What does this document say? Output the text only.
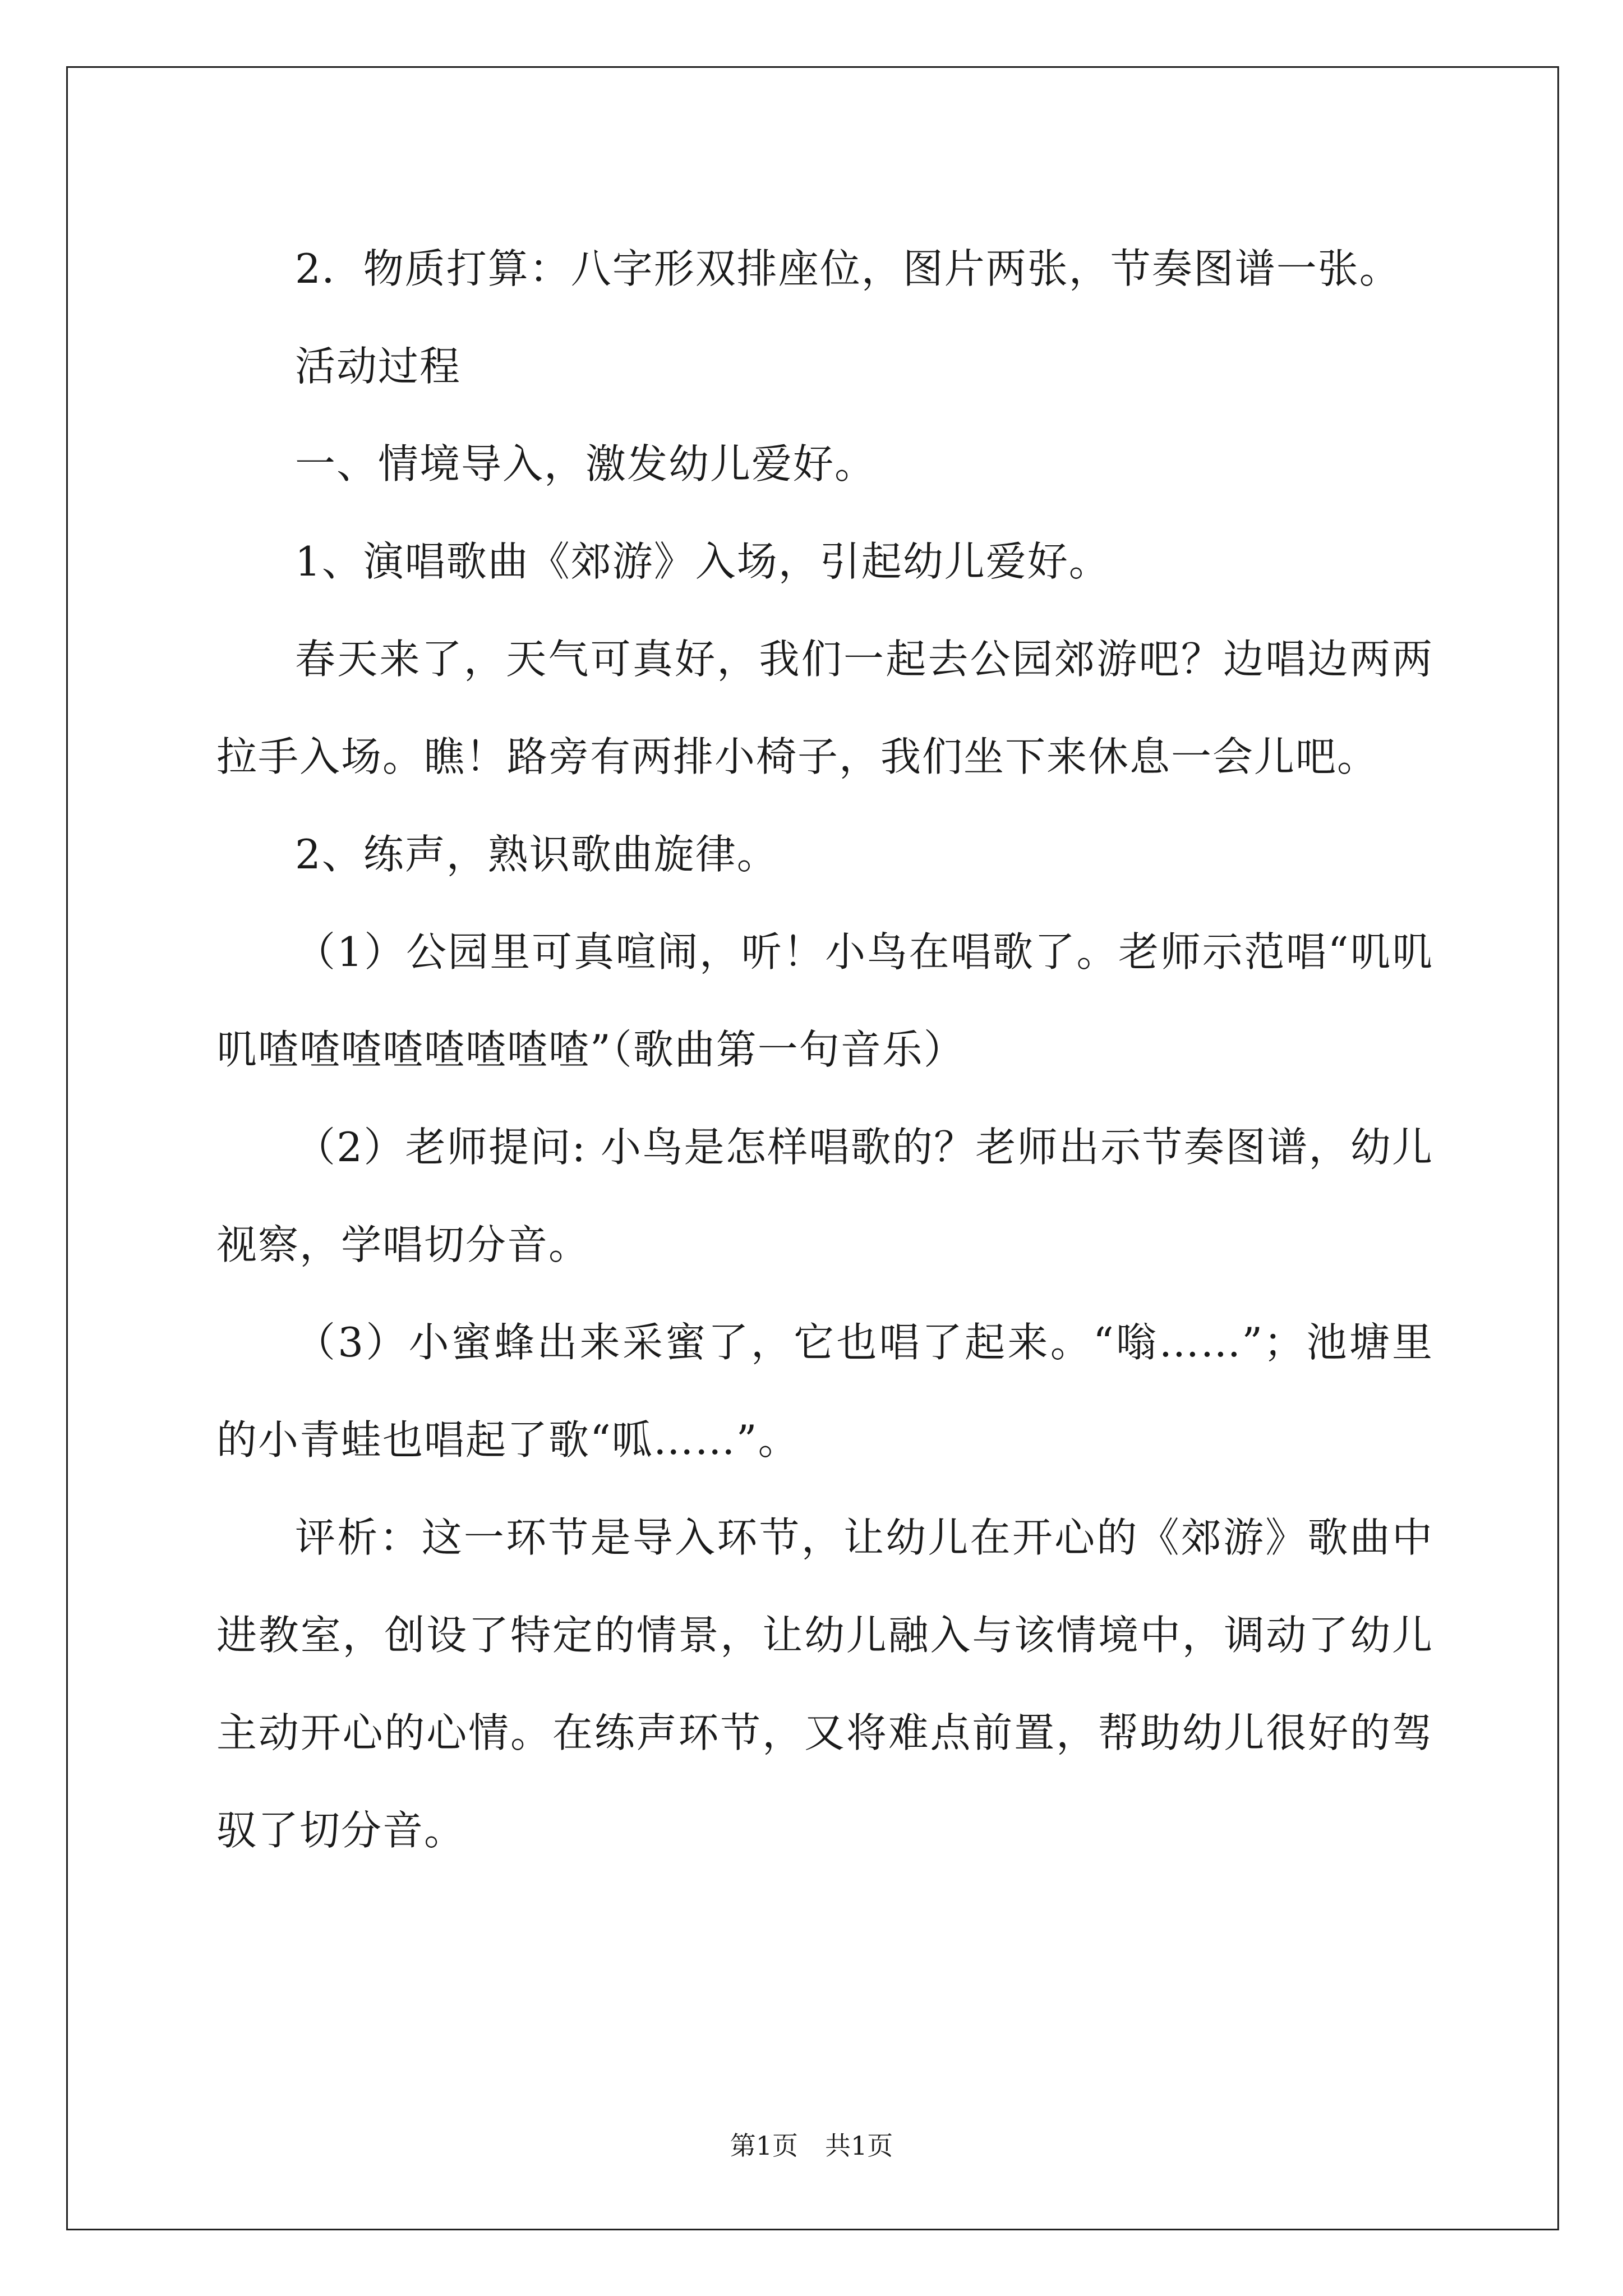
2．物质打算：八字形双排座位，图片两张，节奏图谱一张。

活动过程

一、情境导入，激发幼儿爱好。

1、演唱歌曲《郊游》入场，引起幼儿爱好。

春天来了，天气可真好，我们一起去公园郊游吧？边唱边两两拉手入场。瞧！路旁有两排小椅子，我们坐下来休息一会儿吧。

2、练声，熟识歌曲旋律。

（1）公园里可真喧闹，听！小鸟在唱歌了。老师示范唱“叽叽叽喳喳喳喳喳喳喳喳”（歌曲第一句音乐）

（2）老师提问: 小鸟是怎样唱歌的？老师出示节奏图谱，幼儿视察，学唱切分音。

（3）小蜜蜂出来采蜜了，它也唱了起来。“嗡……”；池塘里的小青蛙也唱起了歌“呱……”。

评析：这一环节是导入环节，让幼儿在开心的《郊游》歌曲中进教室，创设了特定的情景，让幼儿融入与该情境中，调动了幼儿主动开心的心情。在练声环节，又将难点前置，帮助幼儿很好的驾驭了切分音。

第1页 共1页
